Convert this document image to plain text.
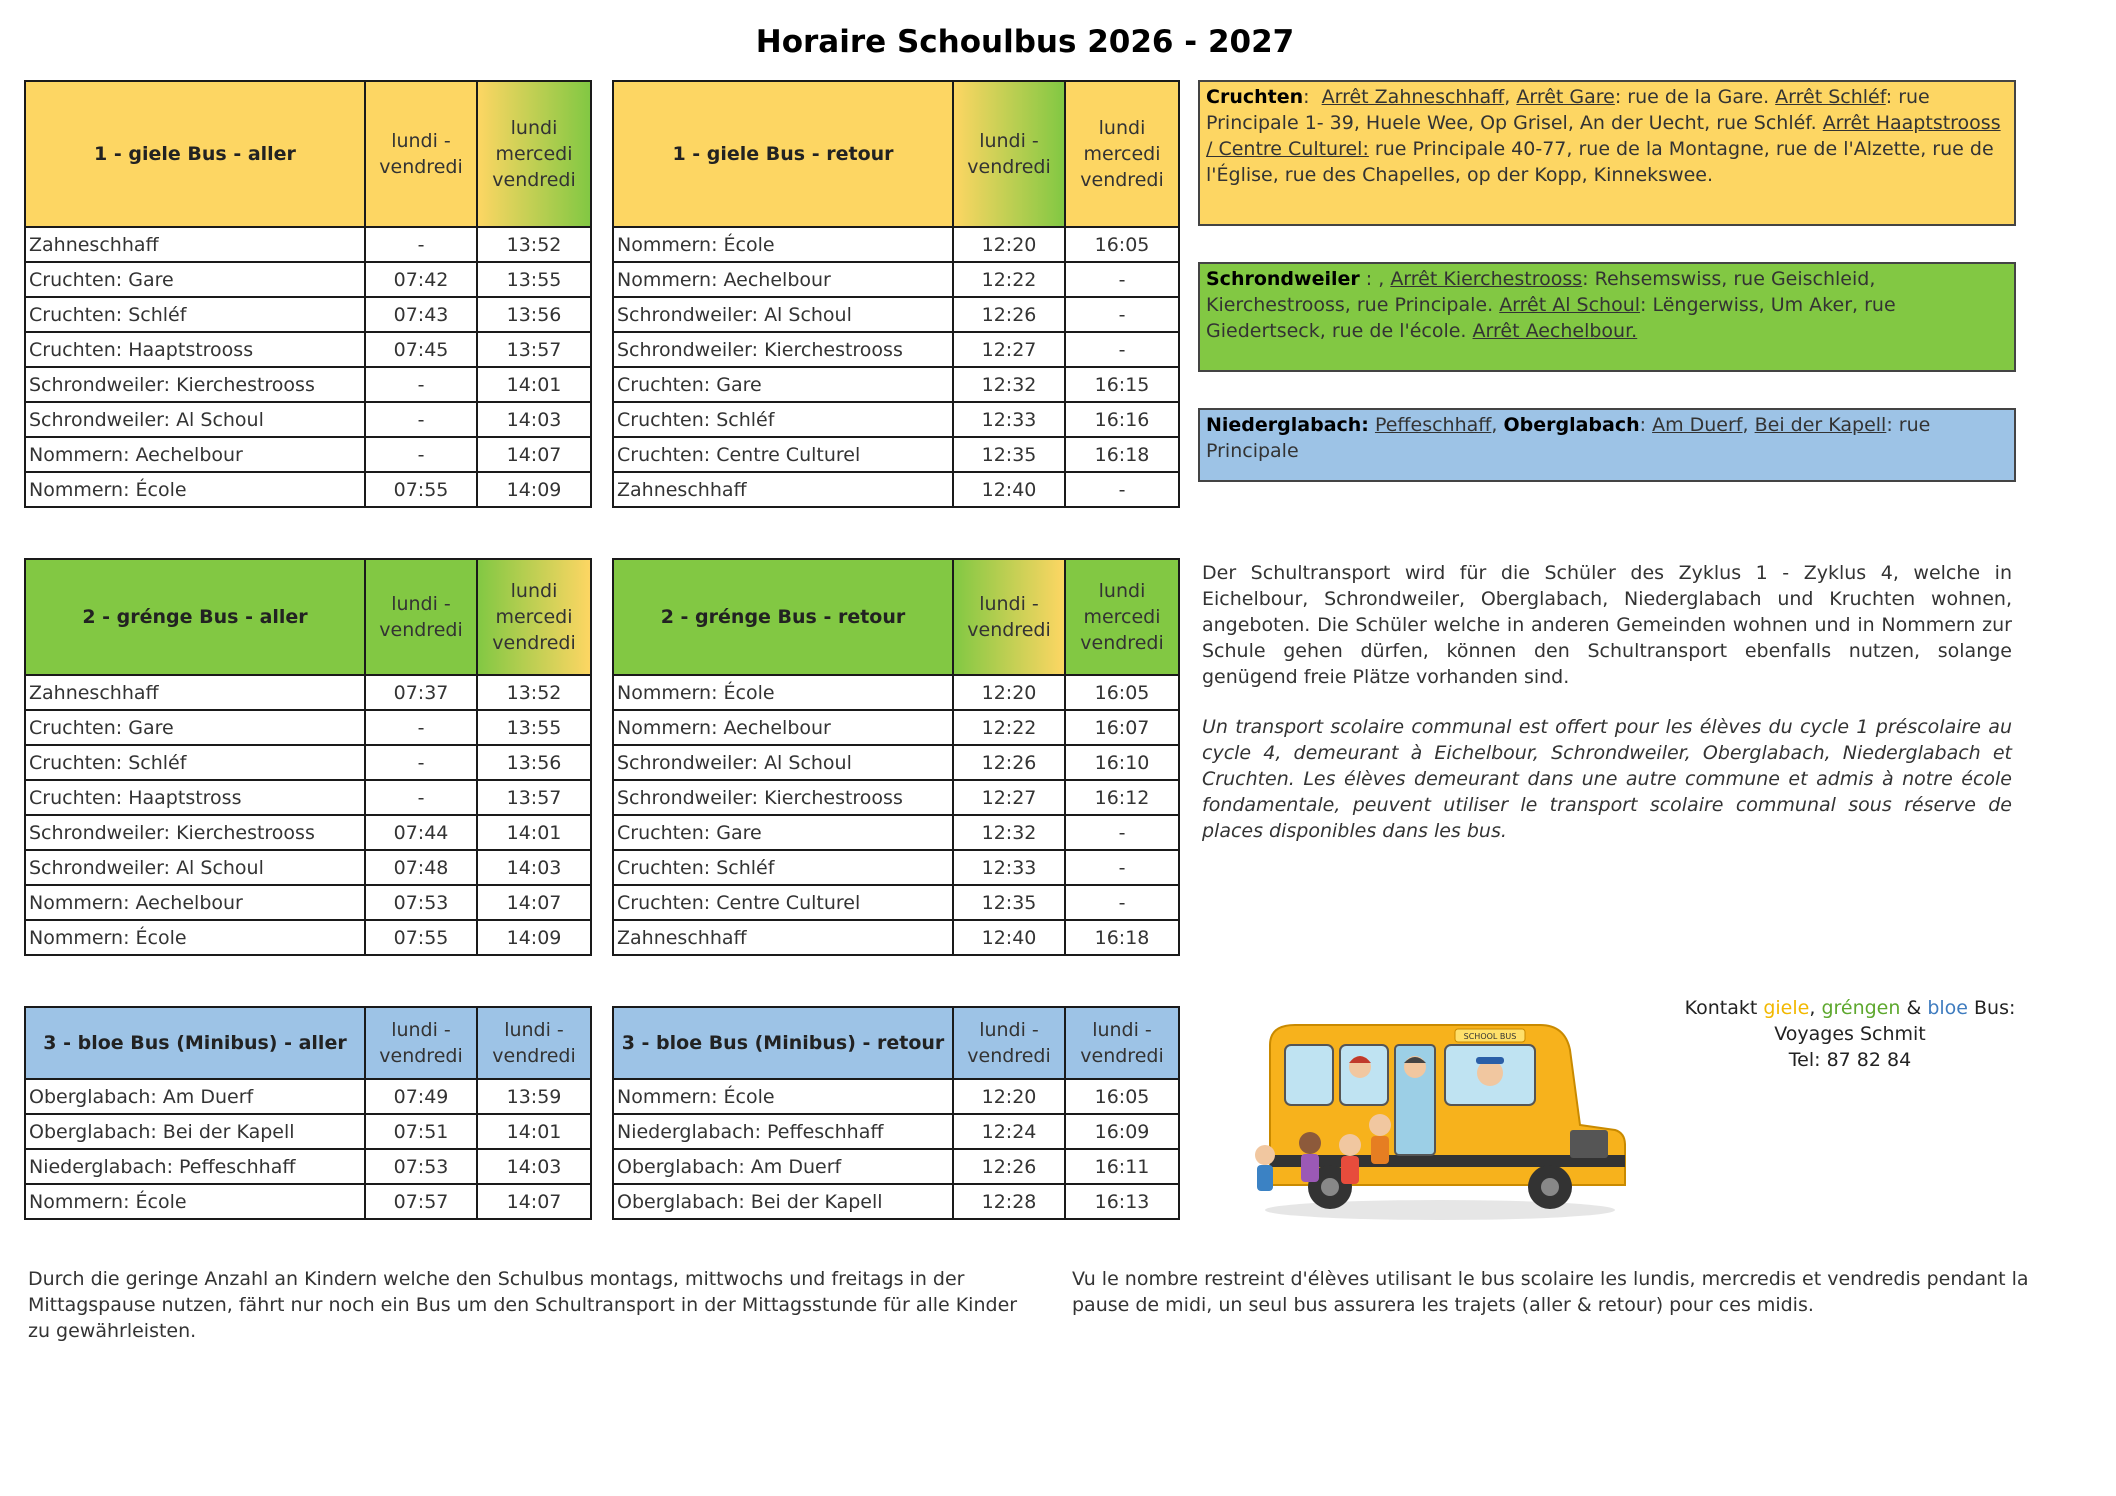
Horaire Schoulbus 2026 - 2027
1 - giele Bus - aller	lundi - vendredi	lundi mercedi vendredi
Zahneschhaff	-	13:52
Cruchten: Gare	07:42	13:55
Cruchten: Schléf	07:43	13:56
Cruchten: Haaptstrooss	07:45	13:57
Schrondweiler: Kierchestrooss	-	14:01
Schrondweiler: Al Schoul	-	14:03
Nommern: Aechelbour	-	14:07
Nommern: École	07:55	14:09
1 - giele Bus - retour	lundi - vendredi	lundi mercedi vendredi
Nommern: École	12:20	16:05
Nommern: Aechelbour	12:22	-
Schrondweiler: Al Schoul	12:26	-
Schrondweiler: Kierchestrooss	12:27	-
Cruchten: Gare	12:32	16:15
Cruchten: Schléf	12:33	16:16
Cruchten: Centre Culturel	12:35	16:18
Zahneschhaff	12:40	-
2 - grénge Bus - aller	lundi - vendredi	lundi mercedi vendredi
Zahneschhaff	07:37	13:52
Cruchten: Gare	-	13:55
Cruchten: Schléf	-	13:56
Cruchten: Haaptstross	-	13:57
Schrondweiler: Kierchestrooss	07:44	14:01
Schrondweiler: Al Schoul	07:48	14:03
Nommern: Aechelbour	07:53	14:07
Nommern: École	07:55	14:09
2 - grénge Bus - retour	lundi - vendredi	lundi mercedi vendredi
Nommern: École	12:20	16:05
Nommern: Aechelbour	12:22	16:07
Schrondweiler: Al Schoul	12:26	16:10
Schrondweiler: Kierchestrooss	12:27	16:12
Cruchten: Gare	12:32	-
Cruchten: Schléf	12:33	-
Cruchten: Centre Culturel	12:35	-
Zahneschhaff	12:40	16:18
3 - bloe Bus (Minibus) - aller	lundi - vendredi	lundi - vendredi
Oberglabach: Am Duerf	07:49	13:59
Oberglabach: Bei der Kapell	07:51	14:01
Niederglabach: Peffeschhaff	07:53	14:03
Nommern: École	07:57	14:07
3 - bloe Bus (Minibus) - retour	lundi - vendredi	lundi - vendredi
Nommern: École	12:20	16:05
Niederglabach: Peffeschhaff	12:24	16:09
Oberglabach: Am Duerf	12:26	16:11
Oberglabach: Bei der Kapell	12:28	16:13
Cruchten:  Arrêt Zahneschhaff, Arrêt Gare: rue de la Gare. Arrêt Schléf: rue Principale 1- 39, Huele Wee, Op Grisel, An der Uecht, rue Schléf. Arrêt Haaptstrooss / Centre Culturel: rue Principale 40-77, rue de la Montagne, rue de l'Alzette, rue de l'Église, rue des Chapelles, op der Kopp, Kinnekswee.
Schrondweiler : , Arrêt Kierchestrooss: Rehsemswiss, rue Geischleid, Kierchestrooss, rue Principale. Arrêt Al Schoul: Lëngerwiss, Um Aker, rue Giedertseck, rue de l'école. Arrêt Aechelbour.
Niederglabach: Peffeschhaff, Oberglabach: Am Duerf, Bei der Kapell: rue Principale
Der Schultransport wird für die Schüler des Zyklus 1 - Zyklus 4, welche in Eichelbour, Schrondweiler, Oberglabach, Niederglabach und Kruchten wohnen, angeboten. Die Schüler welche in anderen Gemeinden wohnen und in Nommern zur Schule gehen dürfen, können den Schultransport ebenfalls nutzen, solange genügend freie Plätze vorhanden sind.
Un transport scolaire communal est offert pour les élèves du cycle 1 préscolaire au cycle 4, demeurant à Eichelbour, Schrondweiler, Oberglabach, Niederglabach et Cruchten. Les élèves demeurant dans une autre commune et admis à notre école fondamentale, peuvent utiliser le transport scolaire communal sous réserve de places disponibles dans les bus.
SCHOOL BUS
Kontakt giele, gréngen & bloe Bus:
Voyages Schmit
Tel: 87 82 84
Durch die geringe Anzahl an Kindern welche den Schulbus montags, mittwochs und freitags in der Mittagspause nutzen, fährt nur noch ein Bus um den Schultransport in der Mittagsstunde für alle Kinder zu gewährleisten.
Vu le nombre restreint d'élèves utilisant le bus scolaire les lundis, mercredis et vendredis pendant la pause de midi, un seul bus assurera les trajets (aller & retour) pour ces midis.
